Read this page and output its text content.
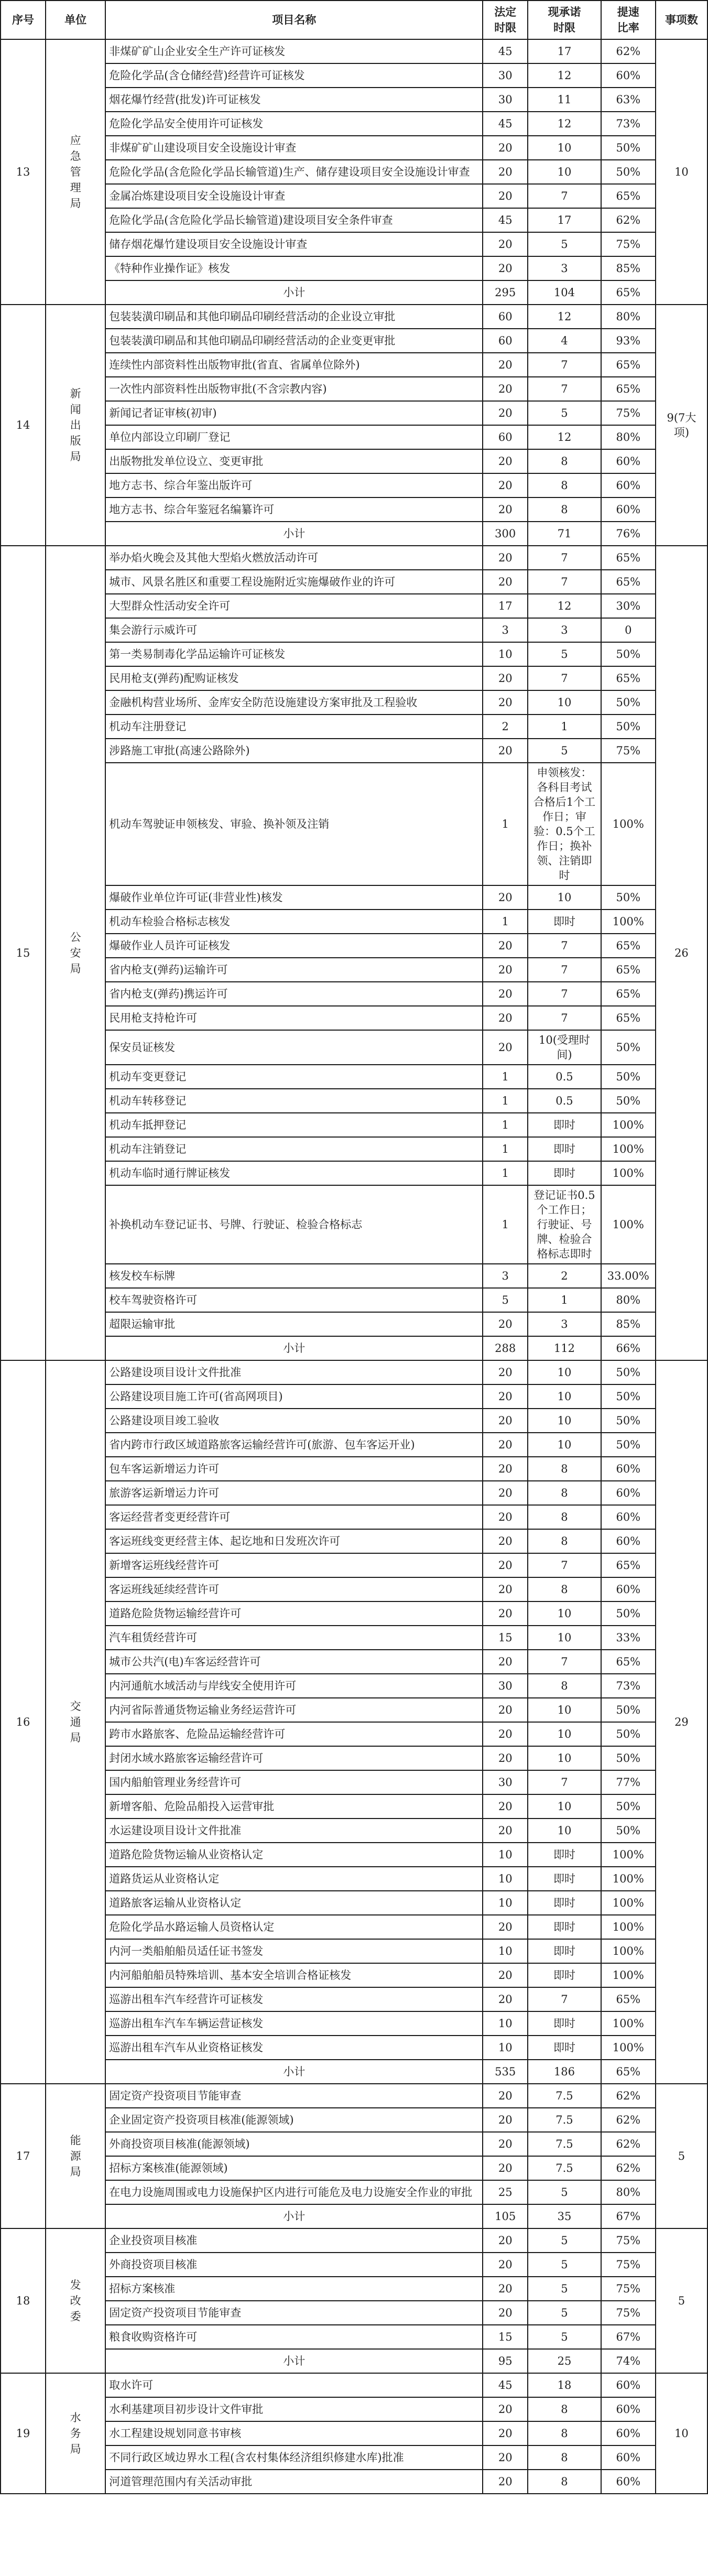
序号	单位	项目名称	法定时限	现承诺时限	提速比率	事项数
13	应急管理局	非煤矿矿山企业安全生产许可证核发	45	17	62%	10
		危险化学品(含仓储经营)经营许可证核发	30	12	60%	
		烟花爆竹经营(批发)许可证核发	30	11	63%	
		危险化学品安全使用许可证核发	45	12	73%	
		非煤矿矿山建设项目安全设施设计审查	20	10	50%	
		危险化学品(含危险化学品长输管道)生产、储存建设项目安全设施设计审查	20	10	50%	
		金属冶炼建设项目安全设施设计审查	20	7	65%	
		危险化学品(含危险化学品长输管道)建设项目安全条件审查	45	17	62%	
		储存烟花爆竹建设项目安全设施设计审查	20	5	75%	
		《特种作业操作证》核发	20	3	85%	
		小计	295	104	65%	
14	新闻出版局	包装装潢印刷品和其他印刷品印刷经营活动的企业设立审批	60	12	80%	9(7大项)
		包装装潢印刷品和其他印刷品印刷经营活动的企业变更审批	60	4	93%	
		连续性内部资料性出版物审批(省直、省属单位除外)	20	7	65%	
		一次性内部资料性出版物审批(不含宗教内容)	20	7	65%	
		新闻记者证审核(初审)	20	5	75%	
		单位内部设立印刷厂登记	60	12	80%	
		出版物批发单位设立、变更审批	20	8	60%	
		地方志书、综合年鉴出版许可	20	8	60%	
		地方志书、综合年鉴冠名编纂许可	20	8	60%	
		小计	300	71	76%	
15	公安局	举办焰火晚会及其他大型焰火燃放活动许可	20	7	65%	26
		城市、风景名胜区和重要工程设施附近实施爆破作业的许可	20	7	65%	
		大型群众性活动安全许可	17	12	30%	
		集会游行示威许可	3	3	0	
		第一类易制毒化学品运输许可证核发	10	5	50%	
		民用枪支(弹药)配购证核发	20	7	65%	
		金融机构营业场所、金库安全防范设施建设方案审批及工程验收	20	10	50%	
		机动车注册登记	2	1	50%	
		涉路施工审批(高速公路除外)	20	5	75%	
		机动车驾驶证申领核发、审验、换补领及注销	1	申领核发：各科目考试合格后1个工作日；审验：0.5个工作日；换补领、注销即时	100%	
		爆破作业单位许可证(非营业性)核发	20	10	50%	
		机动车检验合格标志核发	1	即时	100%	
		爆破作业人员许可证核发	20	7	65%	
		省内枪支(弹药)运输许可	20	7	65%	
		省内枪支(弹药)携运许可	20	7	65%	
		民用枪支持枪许可	20	7	65%	
		保安员证核发	20	10(受理时间)	50%	
		机动车变更登记	1	0.5	50%	
		机动车转移登记	1	0.5	50%	
		机动车抵押登记	1	即时	100%	
		机动车注销登记	1	即时	100%	
		机动车临时通行牌证核发	1	即时	100%	
		补换机动车登记证书、号牌、行驶证、检验合格标志	1	登记证书0.5个工作日；行驶证、号牌、检验合格标志即时	100%	
		核发校车标牌	3	2	33.00%	
		校车驾驶资格许可	5	1	80%	
		超限运输审批	20	3	85%	
		小计	288	112	66%	
16	交通局	公路建设项目设计文件批准	20	10	50%	29
		公路建设项目施工许可(省高网项目)	20	10	50%	
		公路建设项目竣工验收	20	10	50%	
		省内跨市行政区域道路旅客运输经营许可(旅游、包车客运开业)	20	10	50%	
		包车客运新增运力许可	20	8	60%	
		旅游客运新增运力许可	20	8	60%	
		客运经营者变更经营许可	20	8	60%	
		客运班线变更经营主体、起讫地和日发班次许可	20	8	60%	
		新增客运班线经营许可	20	7	65%	
		客运班线延续经营许可	20	8	60%	
		道路危险货物运输经营许可	20	10	50%	
		汽车租赁经营许可	15	10	33%	
		城市公共汽(电)车客运经营许可	20	7	65%	
		内河通航水域活动与岸线安全使用许可	30	8	73%	
		内河省际普通货物运输业务经运营许可	20	10	50%	
		跨市水路旅客、危险品运输经营许可	20	10	50%	
		封闭水域水路旅客运输经营许可	20	10	50%	
		国内船舶管理业务经营许可	30	7	77%	
		新增客船、危险品船投入运营审批	20	10	50%	
		水运建设项目设计文件批准	20	10	50%	
		道路危险货物运输从业资格认定	10	即时	100%	
		道路货运从业资格认定	10	即时	100%	
		道路旅客运输从业资格认定	10	即时	100%	
		危险化学品水路运输人员资格认定	20	即时	100%	
		内河一类船舶船员适任证书签发	10	即时	100%	
		内河船舶船员特殊培训、基本安全培训合格证核发	20	即时	100%	
		巡游出租车汽车经营许可证核发	20	7	65%	
		巡游出租车汽车车辆运营证核发	10	即时	100%	
		巡游出租车汽车从业资格证核发	10	即时	100%	
		小计	535	186	65%	
17	能源局	固定资产投资项目节能审查	20	7.5	62%	5
		企业固定资产投资项目核准(能源领域)	20	7.5	62%	
		外商投资项目核准(能源领域)	20	7.5	62%	
		招标方案核准(能源领域)	20	7.5	62%	
		在电力设施周围或电力设施保护区内进行可能危及电力设施安全作业的审批	25	5	80%	
		小计	105	35	67%	
18	发改委	企业投资项目核准	20	5	75%	5
		外商投资项目核准	20	5	75%	
		招标方案核准	20	5	75%	
		固定资产投资项目节能审查	20	5	75%	
		粮食收购资格许可	15	5	67%	
		小计	95	25	74%	
19	水务局	取水许可	45	18	60%	10
		水利基建项目初步设计文件审批	20	8	60%	
		水工程建设规划同意书审核	20	8	60%	
		不同行政区域边界水工程(含农村集体经济组织修建水库)批准	20	8	60%	
		河道管理范围内有关活动审批	20	8	60%	
